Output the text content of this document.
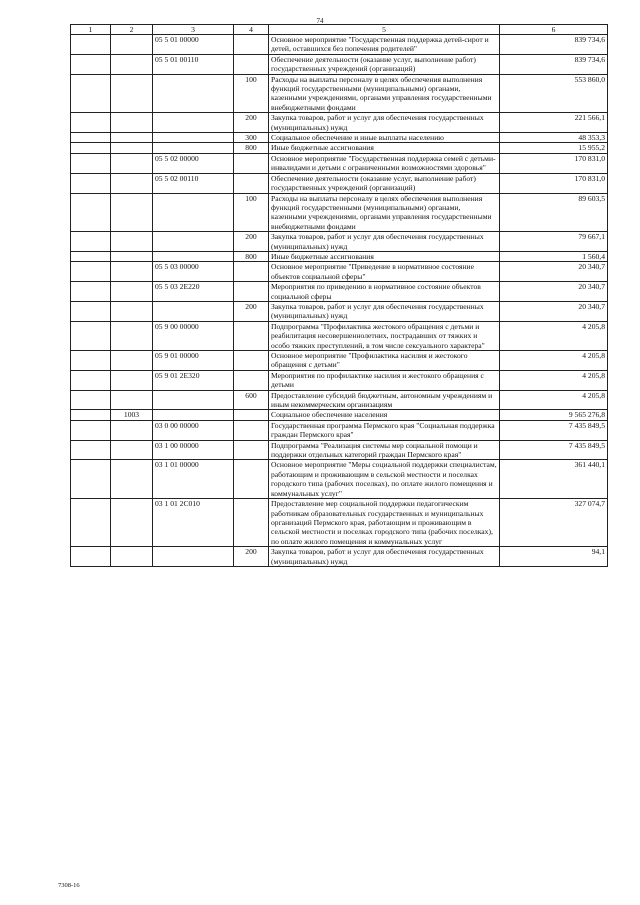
74
1	2	3	4	5	6
		05 5 01 00000		Основное мероприятие "Государственная поддержка детей-сирот и детей, оставшихся без попечения родителей"	839 734,6
		05 5 01 00110		Обеспечение деятельности (оказание услуг, выполнение работ) государственных учреждений (организаций)	839 734,6
			100	Расходы на выплаты персоналу в целях обеспечения выполнения функций государственными (муниципальными) органами, казенными учреждениями, органами управления государственными внебюджетными фондами	553 860,0
			200	Закупка товаров, работ и услуг для обеспечения государственных (муниципальных) нужд	221 566,1
			300	Социальное обеспечение и иные выплаты населению	48 353,3
			800	Иные бюджетные ассигнования	15 955,2
		05 5 02 00000		Основное мероприятие "Государственная поддержка семей с детьми-инвалидами и детьми с ограниченными возможностями здоровья"	170 831,0
		05 5 02 00110		Обеспечение деятельности (оказание услуг, выполнение работ) государственных учреждений (организаций)	170 831,0
			100	Расходы на выплаты персоналу в целях обеспечения выполнения функций государственными (муниципальными) органами, казенными учреждениями, органами управления государственными внебюджетными фондами	89 603,5
			200	Закупка товаров, работ и услуг для обеспечения государственных (муниципальных) нужд	79 667,1
			800	Иные бюджетные ассигнования	1 560,4
		05 5 03 00000		Основное мероприятие "Приведение в нормативное состояние объектов социальной сферы"	20 340,7
		05 5 03 2E220		Мероприятия по приведению в нормативное состояние объектов социальной сферы	20 340,7
			200	Закупка товаров, работ и услуг для обеспечения государственных (муниципальных) нужд	20 340,7
		05 9 00 00000		Подпрограмма "Профилактика жестокого обращения с детьми и реабилитация несовершеннолетних, пострадавших от тяжких и особо тяжких преступлений, в том числе сексуального характера"	4 205,8
		05 9 01 00000		Основное мероприятие "Профилактика насилия и жестокого обращения с детьми"	4 205,8
		05 9 01 2E320		Мероприятия по профилактике насилия и жестокого обращения с детьми	4 205,8
			600	Предоставление субсидий бюджетным, автономным учреждениям и иным некоммерческим организациям	4 205,8
	1003			Социальное обеспечение населения	9 565 276,8
		03 0 00 00000		Государственная программа Пермского края "Социальная поддержка граждан Пермского края"	7 435 849,5
		03 1 00 00000		Подпрограмма "Реализация системы мер социальной помощи и поддержки отдельных категорий граждан Пермского края"	7 435 849,5
		03 1 01 00000		Основное мероприятие "Меры социальной поддержки специалистам, работающим и проживающим в сельской местности и поселках городского типа (рабочих поселках), по оплате жилого помещения и коммунальных услуг"	361 440,1
		03 1 01 2C010		Предоставление мер социальной поддержки педагогическим работникам образовательных государственных и муниципальных организаций Пермского края, работающим и проживающим в сельской местности и поселках городского типа (рабочих поселках), по оплате жилого помещения и коммунальных услуг	327 074,7
			200	Закупка товаров, работ и услуг для обеспечения государственных (муниципальных) нужд	94,1
7308-16
